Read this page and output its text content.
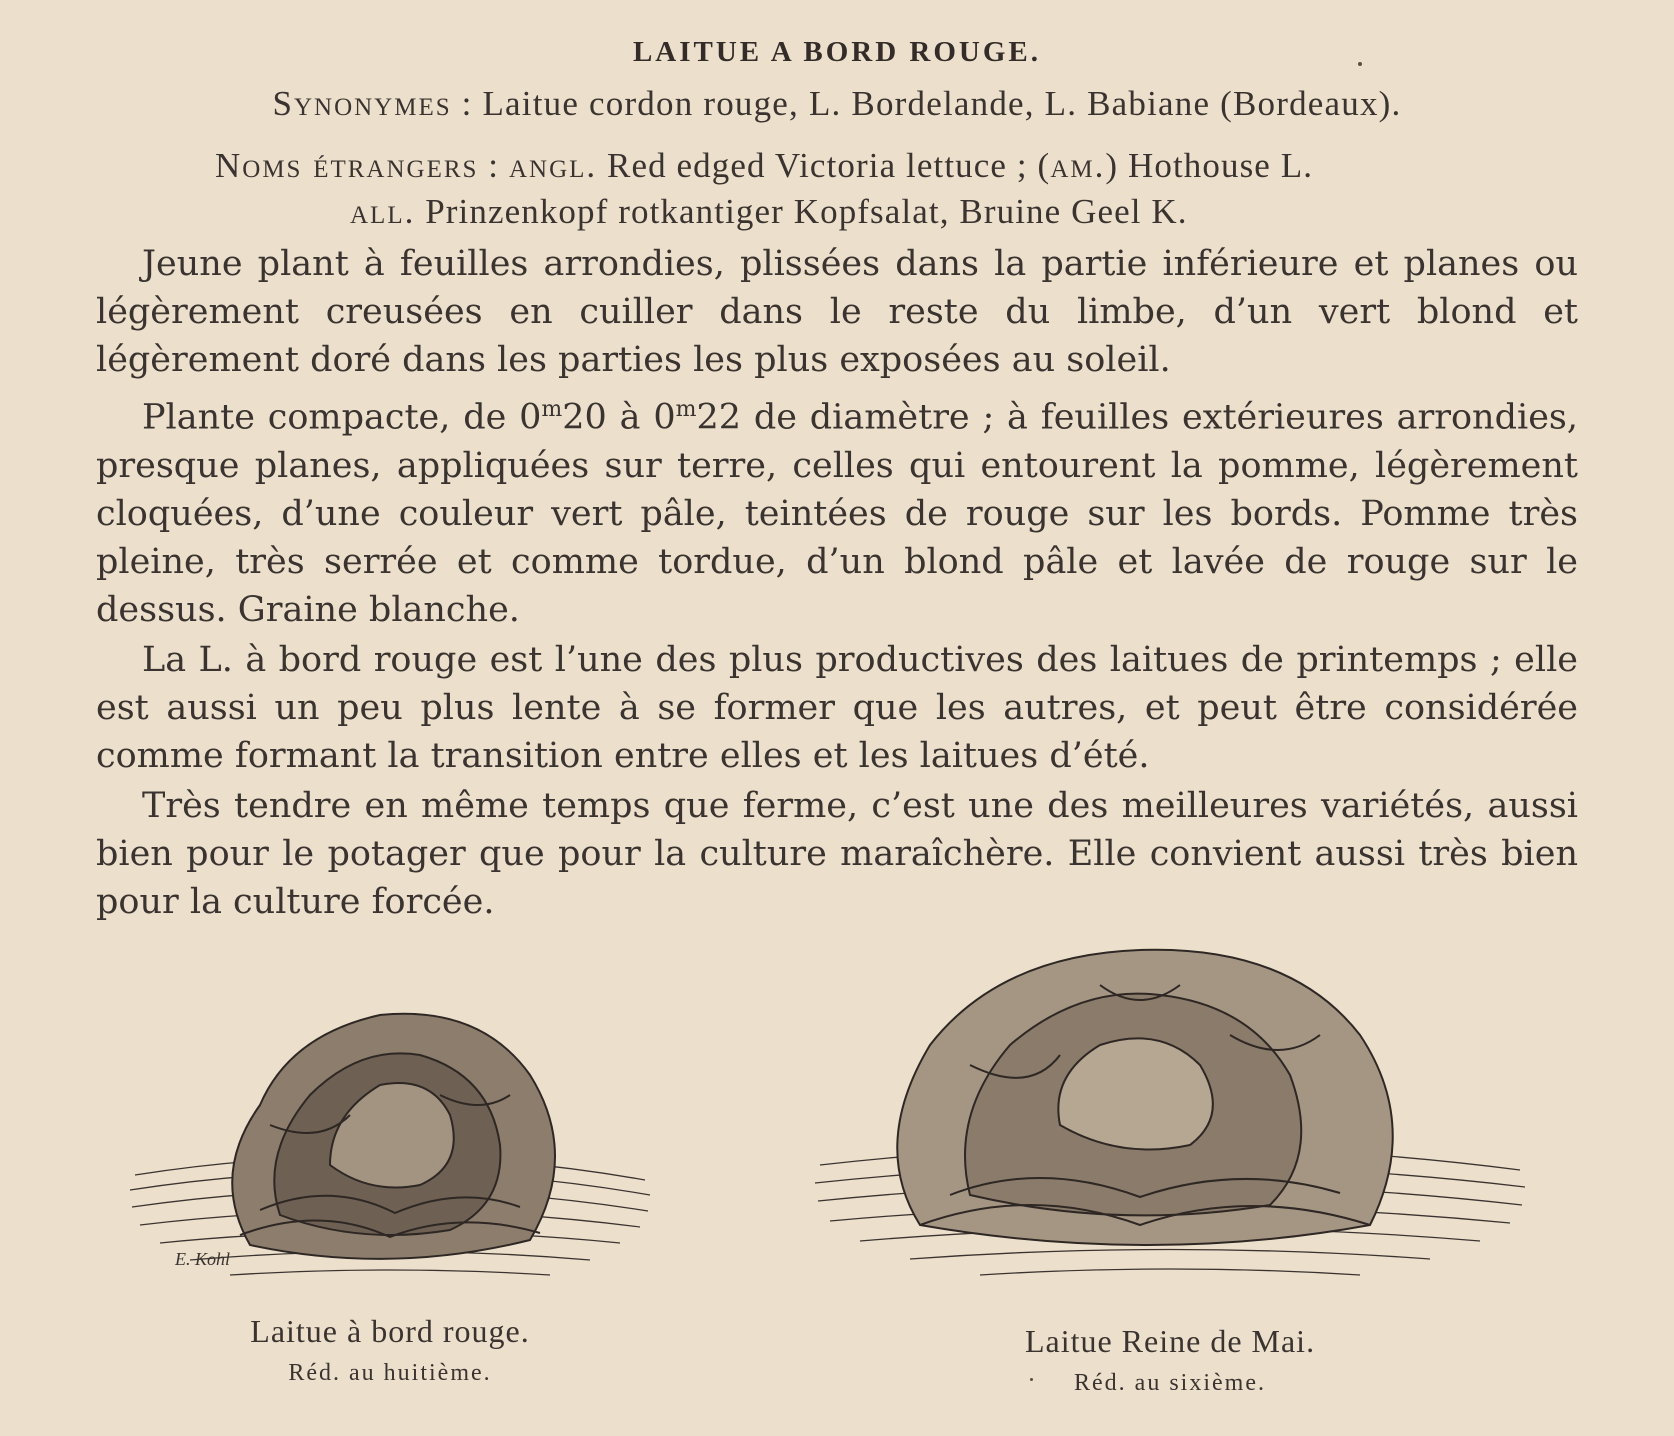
LAITUE A BORD ROUGE.
Synonymes : Laitue cordon rouge, L. Bordelande, L. Babiane (Bordeaux).
Noms étrangers : angl. Red edged Victoria lettuce ; (am.) Hothouse L.
all. Prinzenkopf rotkantiger Kopfsalat, Bruine Geel K.

Jeune plant à feuilles arrondies, plissées dans la partie inférieure et planes ou légèrement creusées en cuiller dans le reste du limbe, d’un vert blond et légèrement doré dans les parties les plus exposées au soleil.

Plante compacte, de 0$^m$20 à 0$^m$22 de diamètre ; à feuilles extérieures arrondies, presque planes, appliquées sur terre, celles qui entourent la pomme, légèrement cloquées, d’une couleur vert pâle, teintées de rouge sur les bords. Pomme très pleine, très serrée et comme tordue, d’un blond pâle et lavée de rouge sur le dessus. Graine blanche.

La L. à bord rouge est l’une des plus productives des laitues de printemps ; elle est aussi un peu plus lente à se former que les autres, et peut être considérée comme formant la transition entre elles et les laitues d’été.

Très tendre en même temps que ferme, c’est une des meilleures variétés, aussi bien pour le potager que pour la culture maraîchère. Elle convient aussi très bien pour la culture forcée.

E. Kohl
Laitue à bord rouge.
Réd. au huitième.
Laitue Reine de Mai.
Réd. au sixième.
